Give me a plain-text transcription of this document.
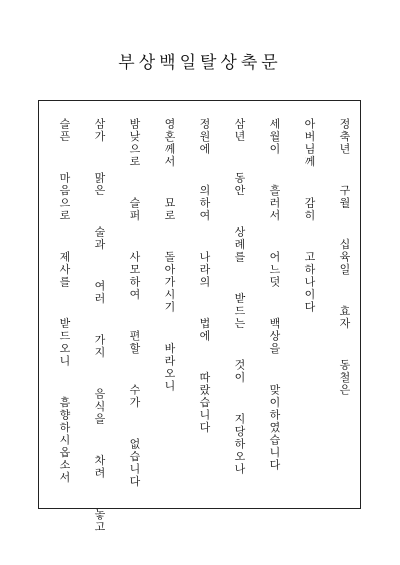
부상백일탈상축문
정축년  구월  십육일  효자  동철은
아버님께  감히  고하나이다
세월이  흘러서  어느덧  백상을  맞이하였습니다
삼년  동안  상례를  받드는  것이  지당하오나
정원에  의하여  나라의  법에  따랐습니다
영혼께서  묘로  돌아가시기  바라오니
밤낮으로  슬퍼  사모하여  편할  수가  없습니다
삼가  맑은  술과  여러  가지  음식을  차려  놓고
슬픈  마음으로  제사를  받드오니  흠향하시옵소서
